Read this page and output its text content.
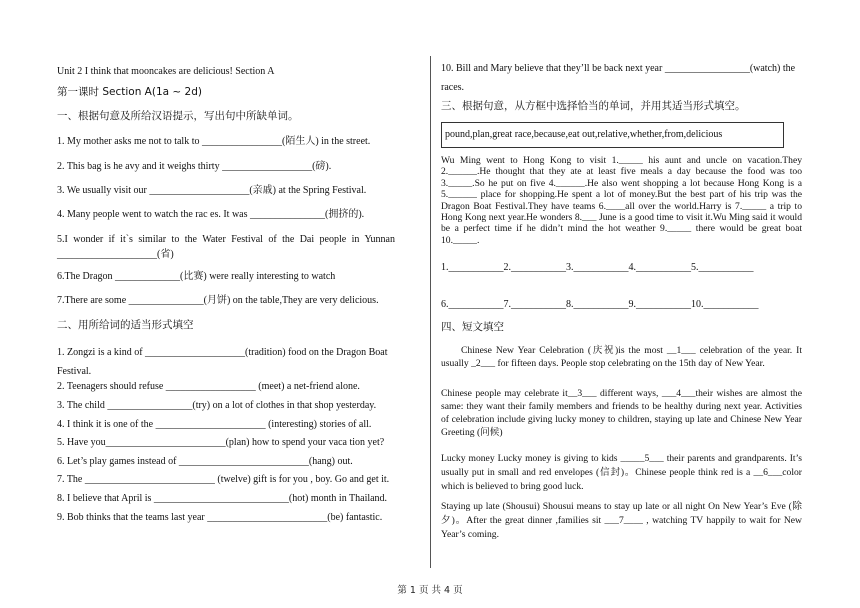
Unit 2 I think that mooncakes are delicious! Section A
第一课时 Section A(1a ~ 2d)
一、根据句意及所给汉语提示，写出句中所缺单词。
1. My mother asks me not to talk to ________________(陌生人) in the street.
2. This bag is he avy and it weighs thirty __________________(磅).
3. We usually visit our ____________________(亲戚) at the Spring Festival.
4. Many people went to watch the rac es. It was _______________(拥挤的).
5.I wonder if it`s similar to the Water Festival of the Dai people in Yunnan ____________________(省)
6.The Dragon _____________(比赛) were really interesting to watch
7.There are some _______________(月饼) on the table,They are very delicious.
二、用所给词的适当形式填空
1. Zongzi is a kind of ____________________(tradition) food on the Dragon Boat Festival.
2. Teenagers should refuse __________________ (meet) a net-friend alone.
3. The child _________________(try) on a lot of clothes in that shop yesterday.
4. I think it is one of the ______________________ (interesting) stories of all.
5. Have you________________________(plan) how to spend your vaca tion yet?
6. Let’s play games instead of __________________________(hang) out.
7. The __________________________ (twelve) gift is for you , boy. Go and get it.
8. I believe that April is ___________________________(hot) month in Thailand.
9. Bob thinks that the teams last year ________________________(be) fantastic.
10. Bill and Mary believe that they’ll be back next year _________________(watch) the races.
三、根据句意，从方框中选择恰当的单词，并用其适当形式填空。
pound,plan,great race,because,eat out,relative,whether,from,delicious
Wu Ming went to Hong Kong to visit 1._____ his aunt and uncle on vacation.They 2.______.He thought that they ate at least five meals a day because the food was too 3._____.So he put on five 4.______.He also went shopping a lot because Hong Kong is a 5.______ place for shopping.He spent a lot of money.But the best part of his trip was the Dragon Boat Festival.They have teams 6.____all over the world.Harry is 7._____ a trip to Hong Kong next year.He wonders 8.___ June is a good time to visit it.Wu Ming said it would be a perfect time if he didn’t mind the hot weather 9._____ there would be great boat 10._____.
1.___________2.___________3.___________4.___________5.___________
6.___________7.___________8.___________9.___________10.___________
四、短文填空
Chinese New Year Celebration (庆祝)is the most __1___ celebration of the year. It usually _2___ for fifteen days. People stop celebrating on the 15th day of New Year.
Chinese people may celebrate it__3___ different ways, ___4___their wishes are almost the same: they want their family members and friends to be healthy during next year. Activities of celebration include giving lucky money to children, staying up late and Chinese New Year Greeting (问候)
Lucky money Lucky money is giving to kids _____5___ their parents and grandparents. It’s usually put in small and red envelopes (信封)。Chinese people think red is a __6___color which is believed to bring good luck.
Staying up late (Shousui) Shousui means to stay up late or all night On New Year’s Eve (除夕)。After the great dinner ,families sit ___7____ , watching TV happily to wait for New Year’s coming.
第 1 页 共 4 页
